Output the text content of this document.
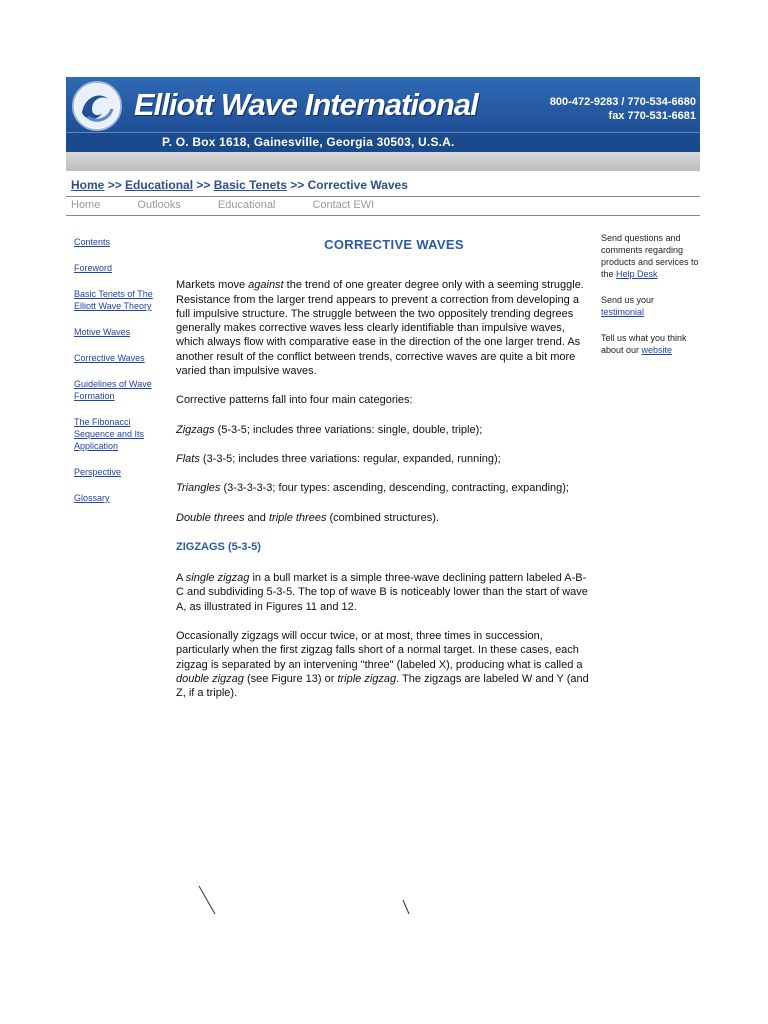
Elliott Wave International	800-472-9283 / 770-534-6680
fax 770-531-6681
P. O. Box 1618, Gainesville, Georgia 30503, U.S.A.
Home >> Educational >> Basic Tenets >> Corrective Waves
Home	Outlooks	Educational	Contact EWI
Contents
Foreword
Basic Tenets of The Elliott Wave Theory
Motive Waves
Corrective Waves
Guidelines of Wave Formation
The Fibonacci Sequence and Its Application
Perspective
Glossary

Send questions and comments regarding products and services to the Help Desk

Send us your
testimonial

Tell us what you think about our website

CORRECTIVE WAVES

Markets move against the trend of one greater degree only with a seeming struggle. Resistance from the larger trend appears to prevent a correction from developing a full impulsive structure. The struggle between the two oppositely trending degrees generally makes corrective waves less clearly identifiable than impulsive waves, which always flow with comparative ease in the direction of the one larger trend. As another result of the conflict between trends, corrective waves are quite a bit more varied than impulsive waves.

Corrective patterns fall into four main categories:

Zigzags (5-3-5; includes three variations: single, double, triple);

Flats (3-3-5; includes three variations: regular, expanded, running);

Triangles (3-3-3-3-3; four types: ascending, descending, contracting, expanding);

Double threes and triple threes (combined structures).

ZIGZAGS (5-3-5)

A single zigzag in a bull market is a simple three-wave declining pattern labeled A-B-C and subdividing 5-3-5. The top of wave B is noticeably lower than the start of wave A, as illustrated in Figures 11 and 12.

Occasionally zigzags will occur twice, or at most, three times in succession, particularly when the first zigzag falls short of a normal target. In these cases, each zigzag is separated by an intervening "three" (labeled X), producing what is called a double zigzag (see Figure 13) or triple zigzag. The zigzags are labeled W and Y (and Z, if a triple).
